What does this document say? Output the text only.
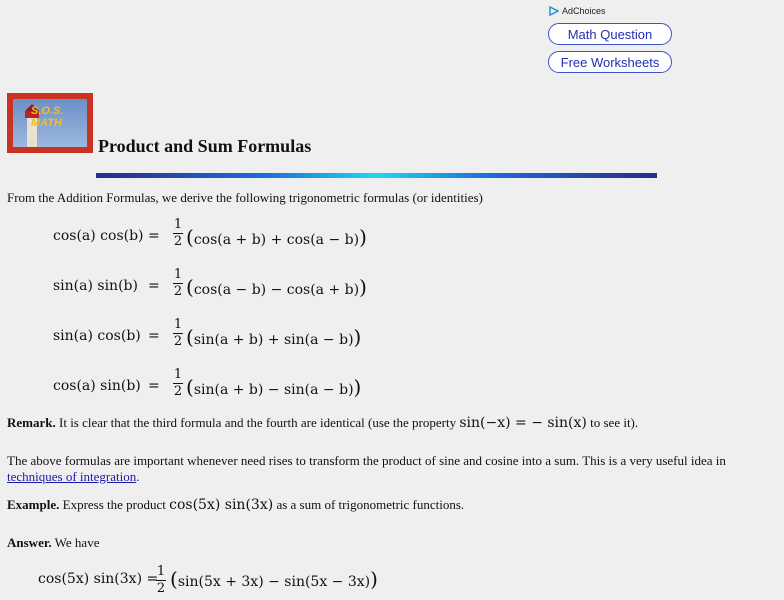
AdChoices
Math Question
Free Worksheets
S.O.S. MATH
Product and Sum Formulas

From the Addition Formulas, we derive the following trigonometric formulas (or identities)

cos(a) cos(b) =
1
2 (cos(a + b) + cos(a − b))
sin(a) sin(b) =
1
2 (cos(a − b) − cos(a + b))
sin(a) cos(b) =
1
2 (sin(a + b) + sin(a − b))
cos(a) sin(b) =
1
2 (sin(a + b) − sin(a − b))

Remark. It is clear that the third formula and the fourth are identical (use the property sin(−x) = − sin(x) to see it).

The above formulas are important whenever need rises to transform the product of sine and cosine into a sum. This is a very useful idea in techniques of integration.

Example. Express the product cos(5x) sin(3x) as a sum of trigonometric functions.

Answer. We have

cos(5x) sin(3x) =
1
2 (sin(5x + 3x) − sin(5x − 3x))
